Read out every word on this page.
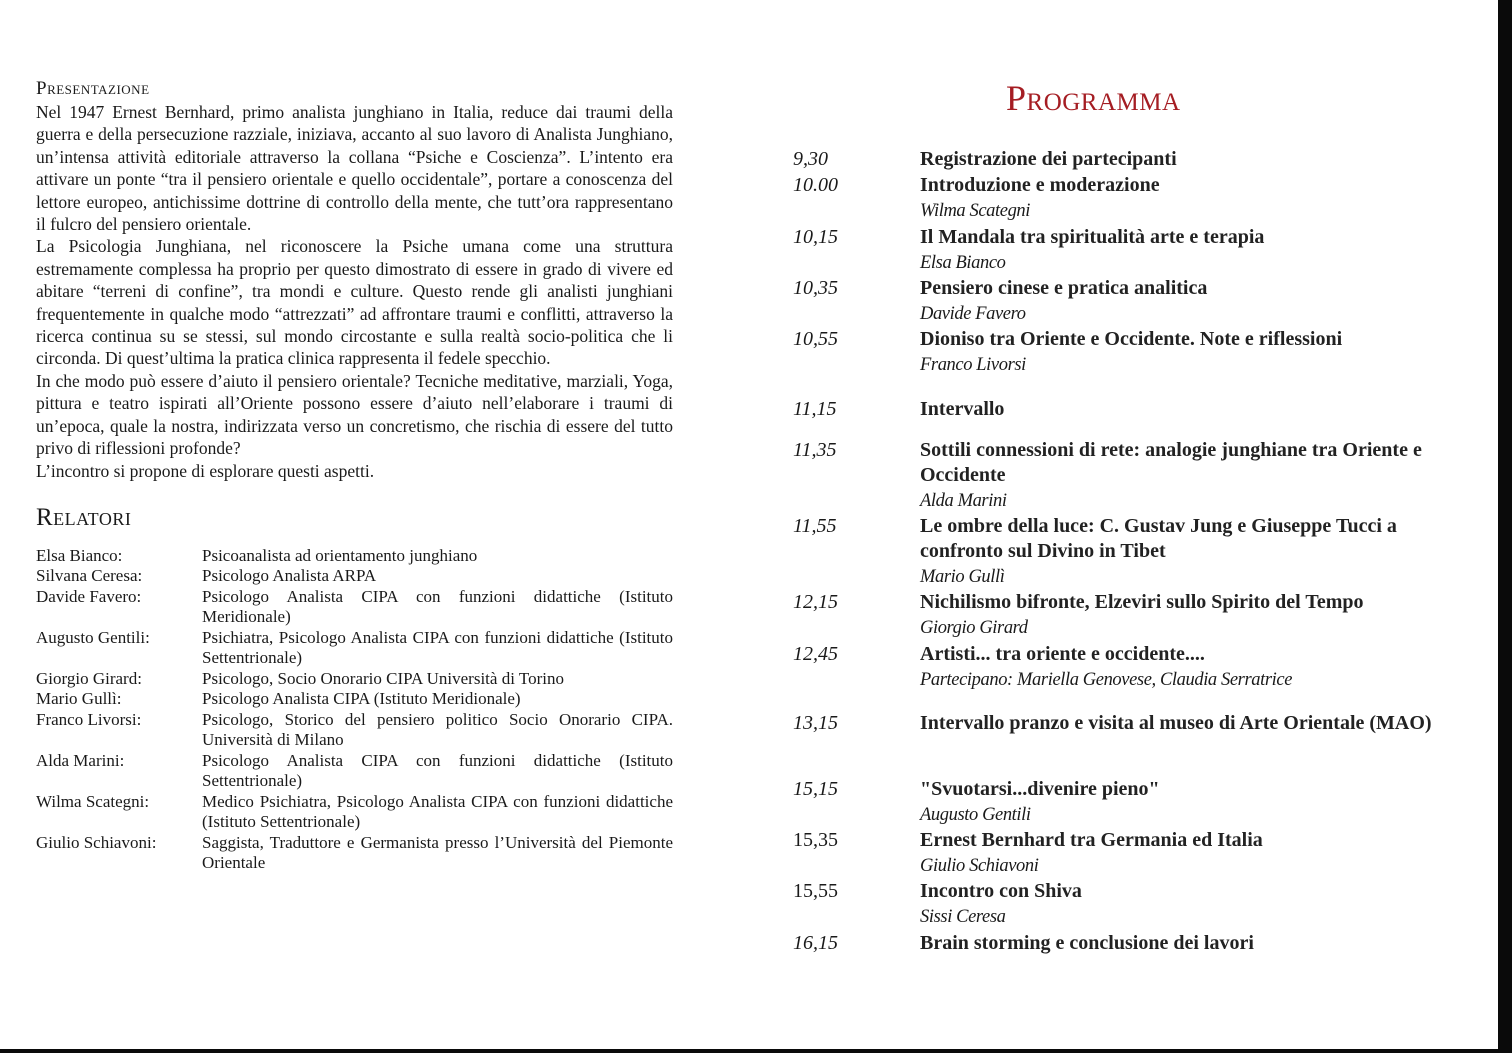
Presentazione

Nel 1947 Ernest Bernhard, primo analista junghiano in Italia, reduce dai traumi della guerra e della persecuzione razziale, iniziava, accanto al suo lavoro di Analista Junghiano, un’intensa attività editoriale attraverso la collana “Psiche e Coscienza”. L’intento era attivare un ponte “tra il pensiero orientale e quello occidentale”, portare a conoscenza del lettore europeo, antichissime dottrine di controllo della mente, che tutt’ora rappresentano il fulcro del pensiero orientale.

La Psicologia Junghiana, nel riconoscere la Psiche umana come una struttura estremamente complessa ha proprio per questo dimostrato di essere in grado di vivere ed abitare “terreni di confine”, tra mondi e culture. Questo rende gli analisti junghiani frequentemente in qualche modo “attrezzati” ad affrontare traumi e conflitti, attraverso la ricerca continua su se stessi, sul mondo circostante e sulla realtà socio-politica che li circonda. Di quest’ultima la pratica clinica rappresenta il fedele specchio.

In che modo può essere d’aiuto il pensiero orientale? Tecniche meditative, marziali, Yoga, pittura e teatro ispirati all’Oriente possono essere d’aiuto nell’elaborare i traumi di un’epoca, quale la nostra, indirizzata verso un concretismo, che rischia di essere del tutto privo di riflessioni profonde?

L’incontro si propone di esplorare questi aspetti.

Relatori
Elsa Bianco:	Psicoanalista ad orientamento junghiano
Silvana Ceresa:	Psicologo Analista ARPA
Davide Favero:	Psicologo Analista CIPA con funzioni didattiche (Istituto Meridionale)
Augusto Gentili:	Psichiatra, Psicologo Analista CIPA con funzioni didattiche (Istituto Settentrionale)
Giorgio Girard:	Psicologo, Socio Onorario CIPA Università di Torino
Mario Gullì:	Psicologo Analista CIPA (Istituto Meridionale)
Franco Livorsi:	Psicologo, Storico del pensiero politico Socio Onorario CIPA. Università di Milano
Alda Marini:	Psicologo Analista CIPA con funzioni didattiche (Istituto Settentrionale)
Wilma Scategni:	Medico Psichiatra, Psicologo Analista CIPA con funzioni didattiche (Istituto Settentrionale)
Giulio Schiavoni:	Saggista, Traduttore e Germanista presso l’Università del Piemonte Orientale
Programma
9,30	Registrazione dei partecipanti
10.00	Introduzione e moderazione
Wilma Scategni
10,15	Il Mandala tra spiritualità arte e terapia
Elsa Bianco
10,35	Pensiero cinese e pratica analitica
Davide Favero
10,55	Dioniso tra Oriente e Occidente. Note e riflessioni
Franco Livorsi
11,15	Intervallo
11,35	Sottili connessioni di rete: analogie junghiane tra Oriente e Occidente
Alda Marini
11,55	Le ombre della luce: C. Gustav Jung e Giuseppe Tucci a confronto sul Divino in Tibet
Mario Gullì
12,15	Nichilismo bifronte, Elzeviri sullo Spirito del Tempo
Giorgio Girard
12,45	Artisti... tra oriente e occidente....
Partecipano: Mariella Genovese, Claudia Serratrice
13,15	Intervallo pranzo e visita al museo di Arte Orientale (MAO)
15,15	"Svuotarsi...divenire pieno"
Augusto Gentili
15,35	Ernest Bernhard tra Germania ed Italia
Giulio Schiavoni
15,55	Incontro con Shiva
Sissi Ceresa
16,15	Brain storming e conclusione dei lavori
